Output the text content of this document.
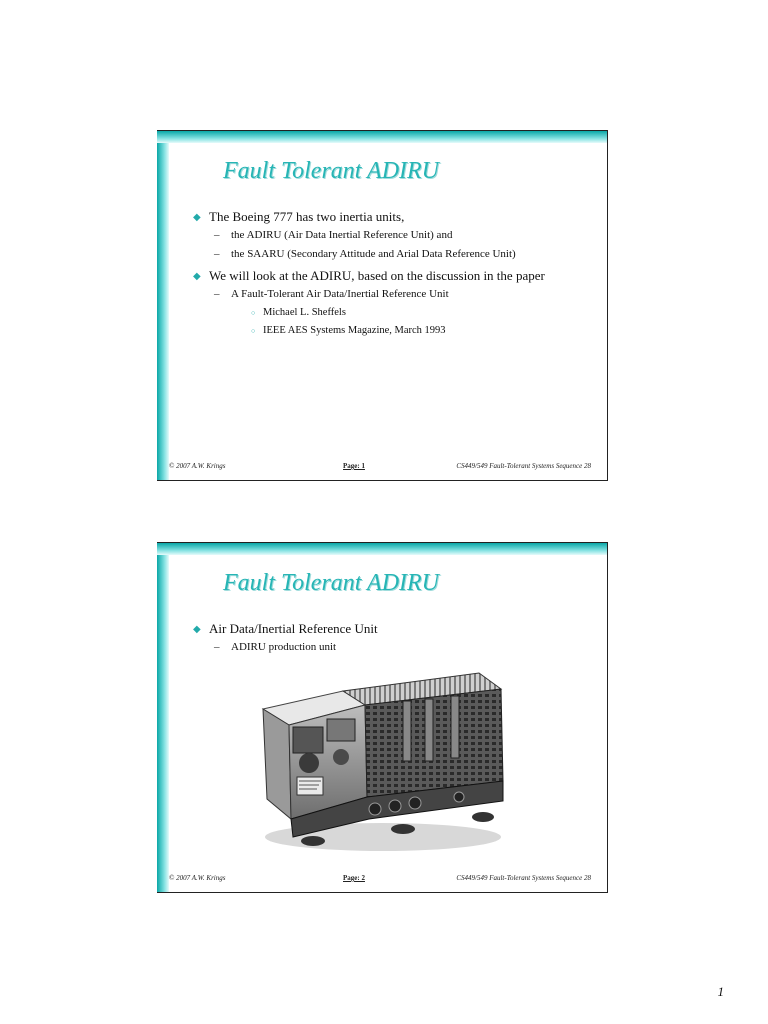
Fault Tolerant ADIRU
◆ The Boeing 777 has two inertia units,
– the ADIRU (Air Data Inertial Reference Unit) and
– the SAARU (Secondary Attitude and Arial Data Reference Unit)
◆ We will look at the ADIRU, based on the discussion in the paper
– A Fault-Tolerant Air Data/Inertial Reference Unit
○ Michael L. Sheffels
○ IEEE AES Systems Magazine, March 1993
© 2007 A.W. Krings	Page: 1	CS449/549 Fault-Tolerant Systems Sequence 28
Fault Tolerant ADIRU
◆ Air Data/Inertial Reference Unit
– ADIRU production unit
© 2007 A.W. Krings	Page: 2	CS449/549 Fault-Tolerant Systems Sequence 28
1
